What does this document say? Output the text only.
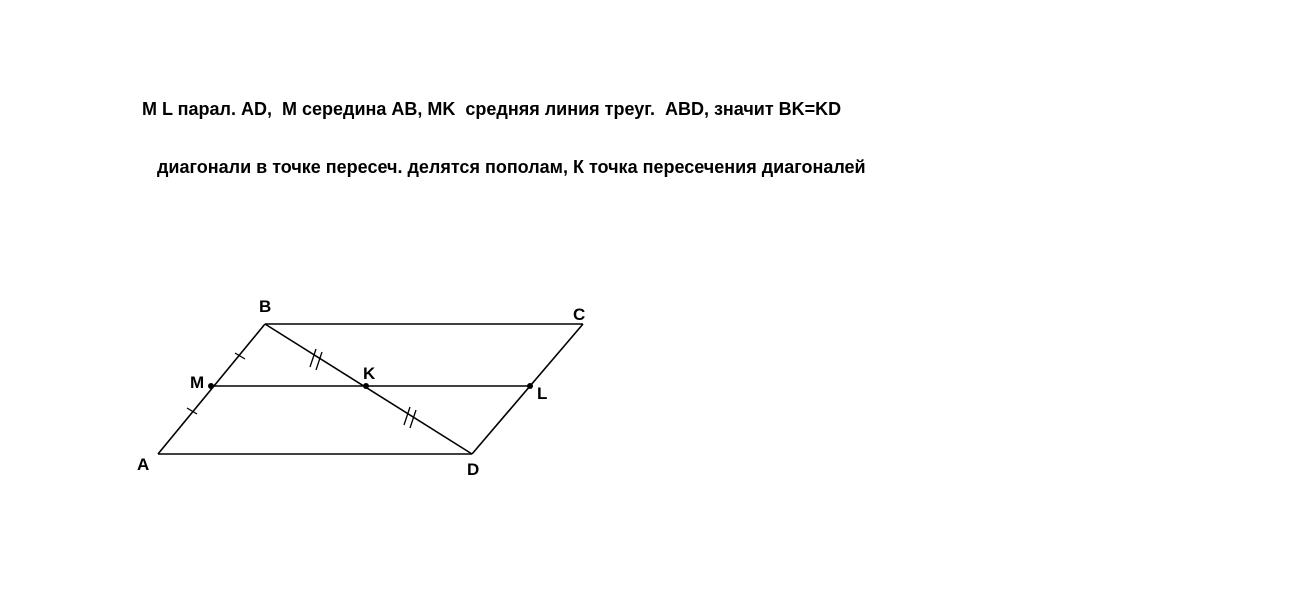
M L парал. AD,  M середина AB, MK  средняя линия треуг.  ABD, значит BK=KD
диагонали в точке пересеч. делятся пополам, К точка пересечения диагоналей
A
B	C
D
M	K
L
